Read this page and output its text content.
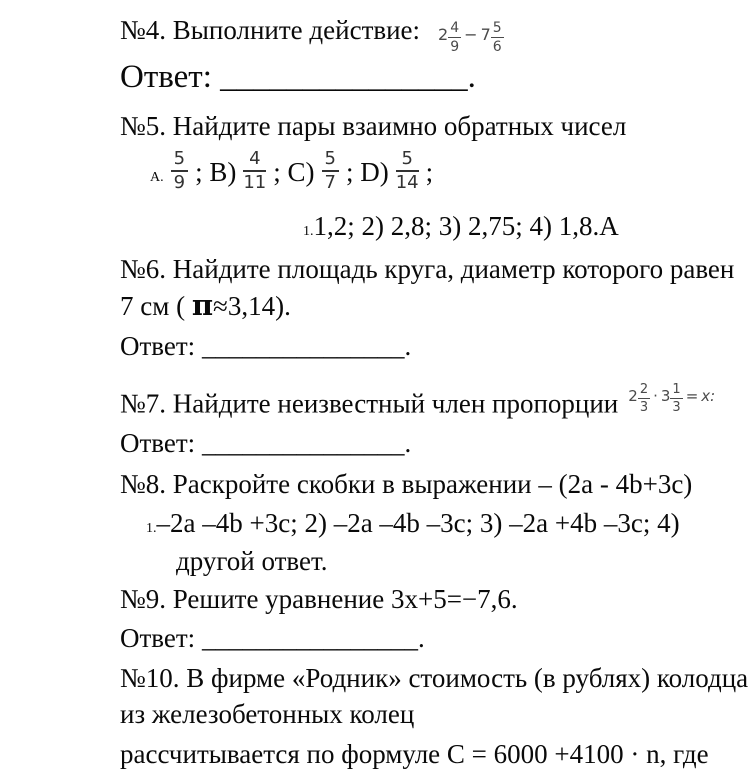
№4. Выполните действие: $2 \frac{4}{9} - 7 \frac{5}{6}$
Ответ: _______________.
№5. Найдите пары взаимно обратных чисел
А. $\frac{5}{9}$ ; $B) \frac{4}{11}$ ; $C) \frac{5}{7}$ ; $D) \frac{5}{14}$ ;
1.1,2; 2) 2,8; 3) 2,75; 4) 1,8.А
№6. Найдите площадь круга, диаметр которого равен
7 см ( π≈3,14).
Ответ: _______________.
№7. Найдите неизвестный член пропорции $2 \frac{2}{3} \cdot 3 \frac{1}{3} = x$:
Ответ: _______________.
№8. Раскройте скобки в выражении – (2a - 4b+3c)
1.–2a –4b +3c; 2) –2a –4b –3c; 3) –2a +4b –3c; 4)
другой ответ.
№9. Решите уравнение 3х+5=−7,6.
Ответ: ________________.
№10. В фирме «Родник» стоимость (в рублях) колодца
из железобетонных колец
рассчитывается по формуле С = 6000 +4100 · n, где
